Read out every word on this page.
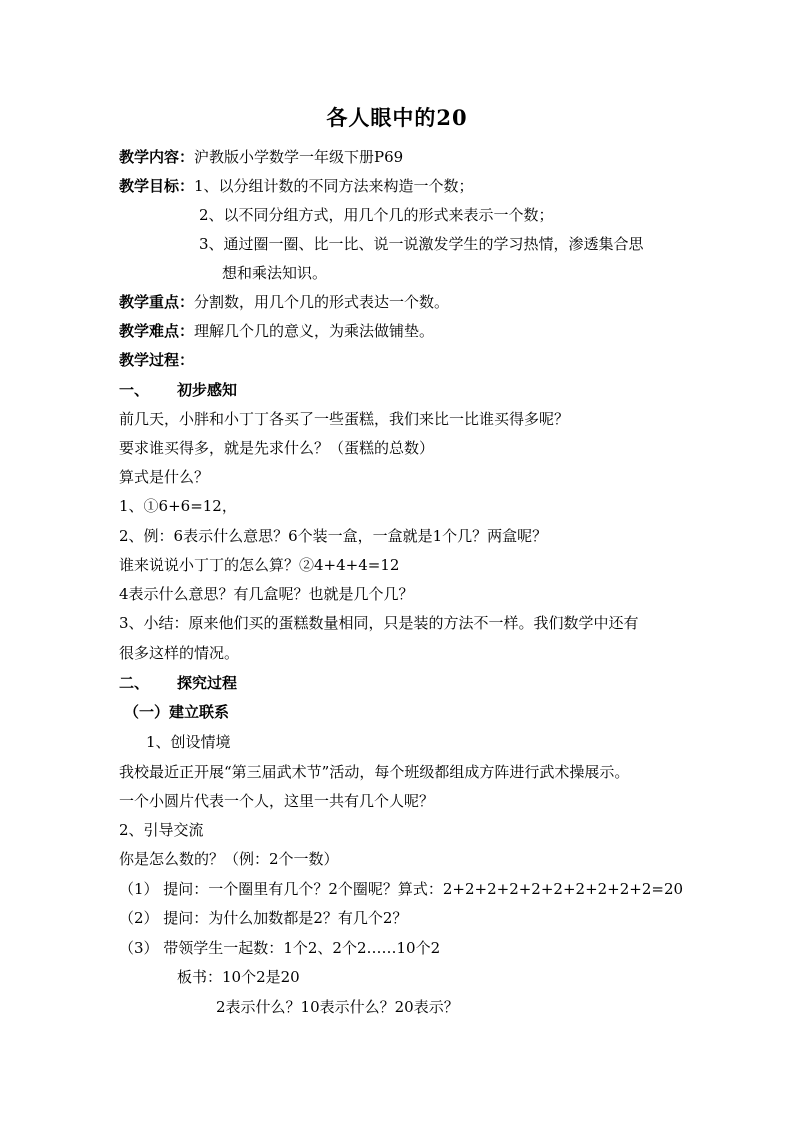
各人眼中的20
教学内容：沪教版小学数学一年级下册P69
教学目标：1、以分组计数的不同方法来构造一个数；
2、以不同分组方式，用几个几的形式来表示一个数；
3、通过圈一圈、比一比、说一说激发学生的学习热情，渗透集合思
想和乘法知识。
教学重点：分割数，用几个几的形式表达一个数。
教学难点：理解几个几的意义，为乘法做铺垫。
教学过程：
一、 初步感知
前几天，小胖和小丁丁各买了一些蛋糕，我们来比一比谁买得多呢？
要求谁买得多，就是先求什么？（蛋糕的总数）
算式是什么？
1、①6+6=12，
2、例：6表示什么意思？6个装一盒，一盒就是1个几？两盒呢？
谁来说说小丁丁的怎么算？②4+4+4=12
4表示什么意思？有几盒呢？也就是几个几？
3、小结：原来他们买的蛋糕数量相同，只是装的方法不一样。我们数学中还有
很多这样的情况。
二、 探究过程
（一）建立联系
1、创设情境
我校最近正开展“第三届武术节”活动，每个班级都组成方阵进行武术操展示。
一个小圆片代表一个人，这里一共有几个人呢？
2、引导交流
你是怎么数的？（例：2个一数）
（1） 提问：一个圈里有几个？2个圈呢？算式：2+2+2+2+2+2+2+2+2+2=20
（2） 提问：为什么加数都是2？有几个2？
（3） 带领学生一起数：1个2、2个2……10个2
板书：10个2是20
2表示什么？10表示什么？20表示？
